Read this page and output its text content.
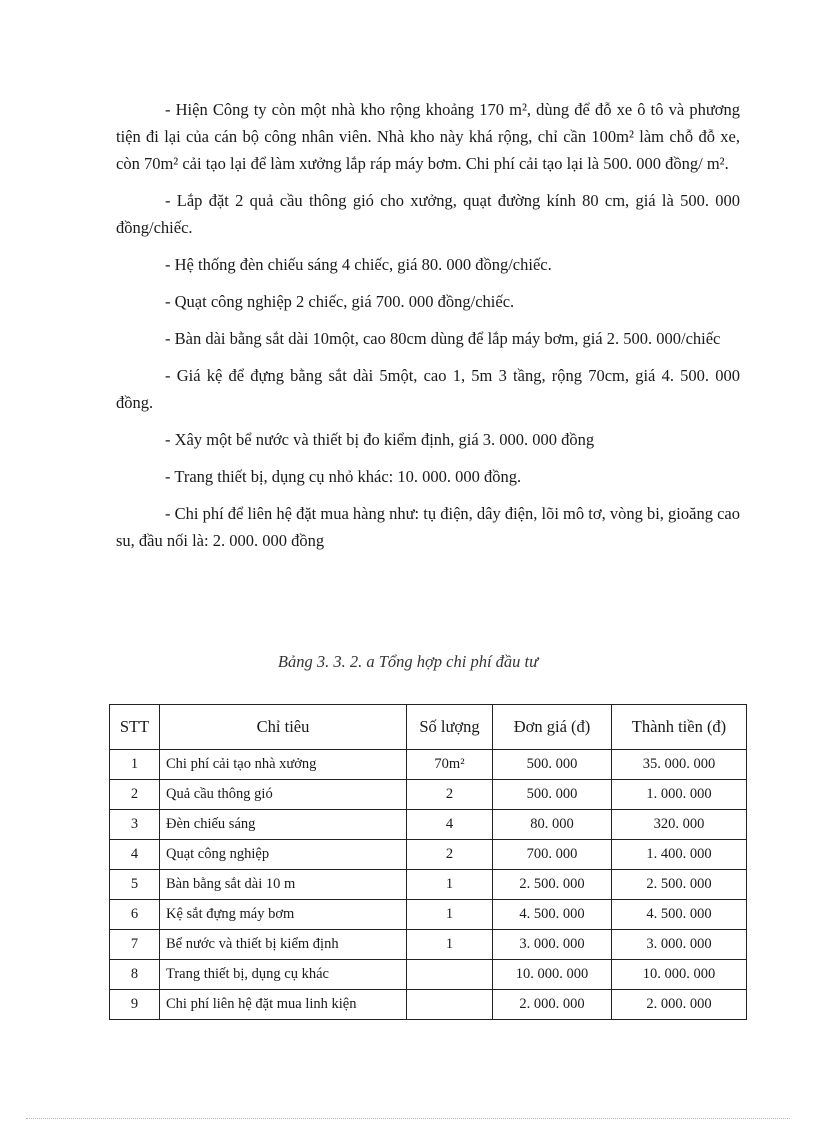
- Hiện Công ty còn một nhà kho rộng khoảng 170 m², dùng để đỗ xe ô tô và phương tiện đi lại của cán bộ công nhân viên. Nhà kho này khá rộng, chỉ cần 100m² làm chỗ đỗ xe, còn 70m² cải tạo lại để làm xưởng lắp ráp máy bơm. Chi phí cải tạo lại là 500. 000 đồng/ m².

- Lắp đặt 2 quả cầu thông gió cho xưởng, quạt đường kính 80 cm, giá là 500. 000 đồng/chiếc.

- Hệ thống đèn chiếu sáng 4 chiếc, giá 80. 000 đồng/chiếc.

- Quạt công nghiệp 2 chiếc, giá 700. 000 đồng/chiếc.

- Bàn dài bằng sắt dài 10một, cao 80cm dùng để lắp máy bơm, giá 2. 500. 000/chiếc

- Giá kệ để đựng bằng sắt dài 5một, cao 1, 5m 3 tầng, rộng 70cm, giá 4. 500. 000 đồng.

- Xây một bể nước và thiết bị đo kiểm định, giá 3. 000. 000 đồng

- Trang thiết bị, dụng cụ nhỏ khác: 10. 000. 000 đồng.

- Chi phí để liên hệ đặt mua hàng như: tụ điện, dây điện, lõi mô tơ, vòng bi, gioăng cao su, đầu nối là: 2. 000. 000 đồng

Bảng 3. 3. 2. a Tổng hợp chi phí đầu tư
STT	Chỉ tiêu	Số lượng	Đơn giá (đ)	Thành tiền (đ)
1	Chi phí cải tạo nhà xưởng	70m²	500. 000	35. 000. 000
2	Quả cầu thông gió	2	500. 000	1. 000. 000
3	Đèn chiếu sáng	4	80. 000	320. 000
4	Quạt công nghiệp	2	700. 000	1. 400. 000
5	Bàn bằng sắt dài 10 m	1	2. 500. 000	2. 500. 000
6	Kệ sắt đựng máy bơm	1	4. 500. 000	4. 500. 000
7	Bể nước và thiết bị kiểm định	1	3. 000. 000	3. 000. 000
8	Trang thiết bị, dụng cụ khác		10. 000. 000	10. 000. 000
9	Chi phí liên hệ đặt mua linh kiện		2. 000. 000	2. 000. 000
